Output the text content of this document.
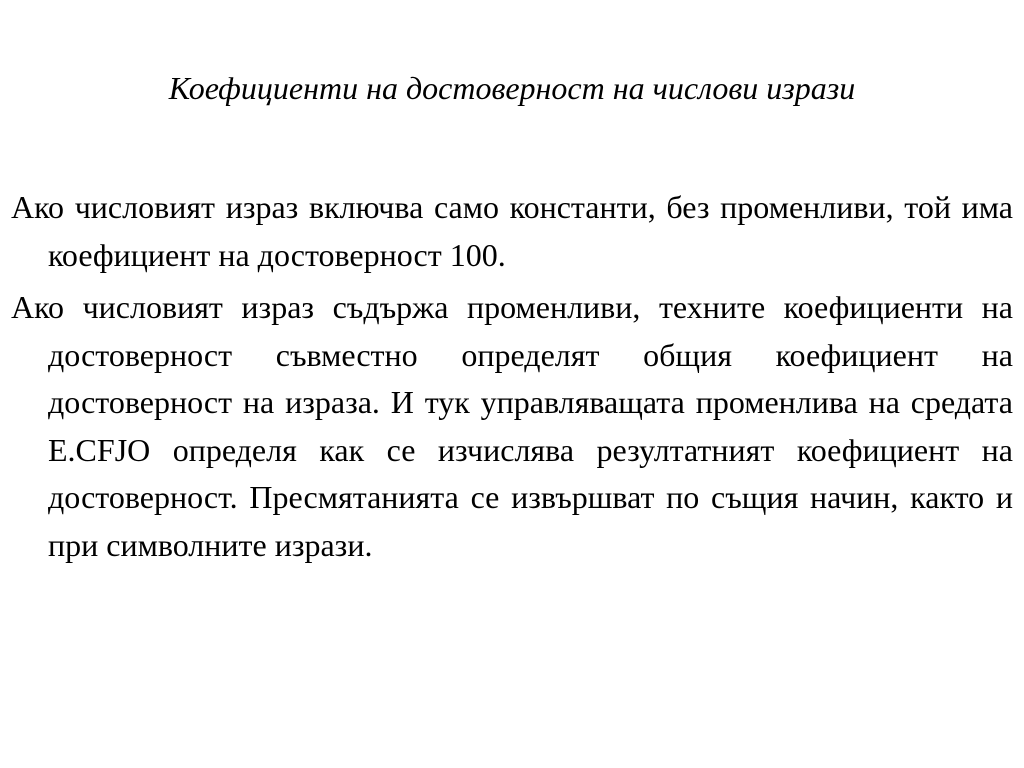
Коефициенти на достоверност на числови изрази

Ако числовият израз включва само константи, без променливи, той има коефициент на достоверност 100.

Ако числовият израз съдържа променливи, техните коефициенти на достоверност съвместно определят общия коефициент на достоверност на израза. И тук управляващата променлива на средата E.CFJO определя как се изчислява резултатният коефициент на достоверност. Пресмятанията се извършват по същия начин, както и при символните изрази.
